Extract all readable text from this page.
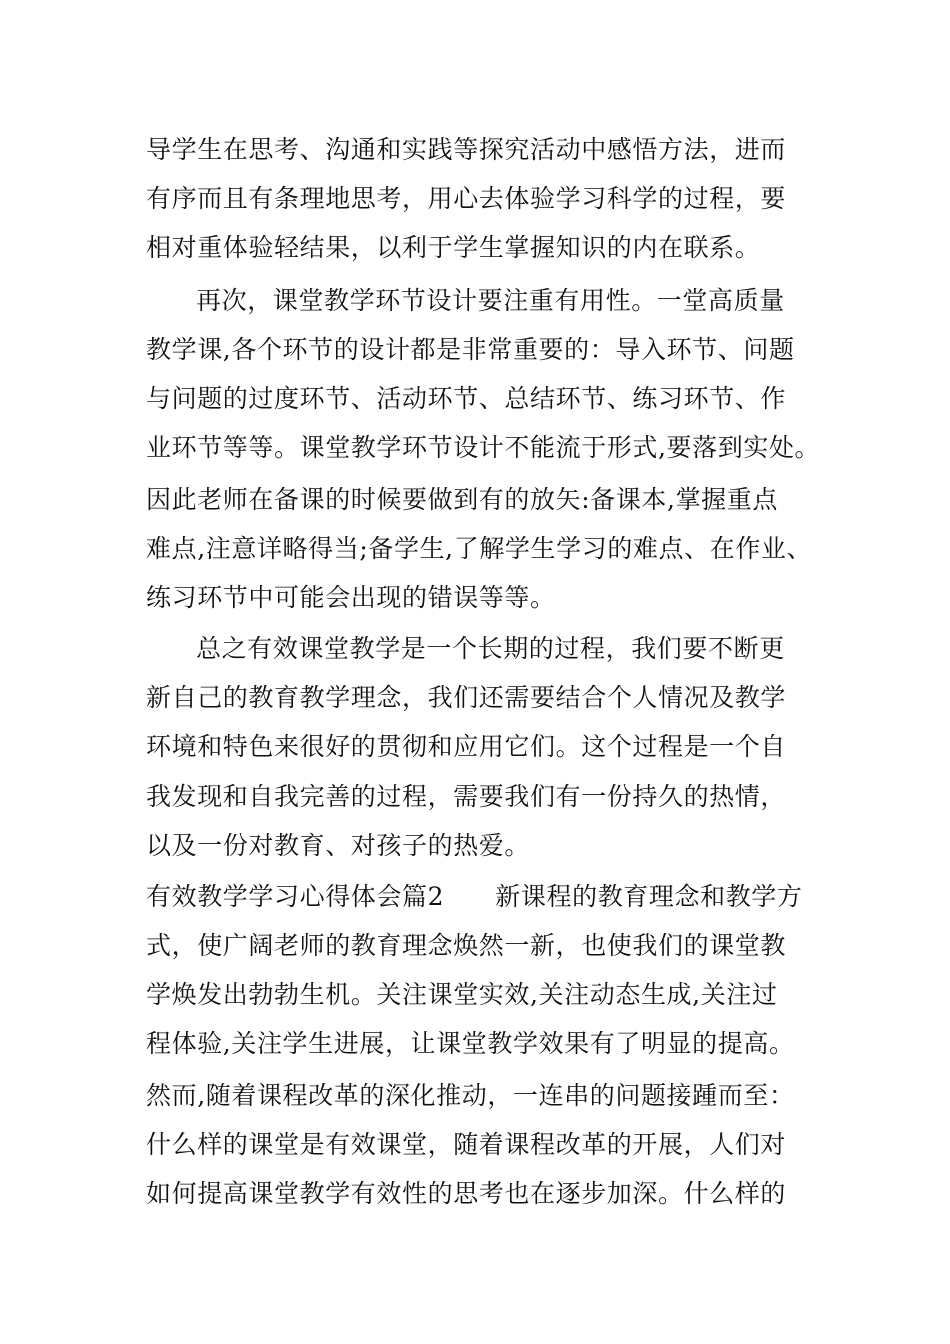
导学生在思考、沟通和实践等探究活动中感悟方法，进而
有序而且有条理地思考，用心去体验学习科学的过程，要
相对重体验轻结果，以利于学生掌握知识的内在联系。
再次，课堂教学环节设计要注重有用性。一堂高质量
教学课,各个环节的设计都是非常重要的：导入环节、问题
与问题的过度环节、活动环节、总结环节、练习环节、作
业环节等等。课堂教学环节设计不能流于形式,要落到实处。
因此老师在备课的时候要做到有的放矢:备课本,掌握重点
难点,注意详略得当;备学生,了解学生学习的难点、在作业、
练习环节中可能会出现的错误等等。
总之有效课堂教学是一个长期的过程，我们要不断更
新自己的教育教学理念，我们还需要结合个人情况及教学
环境和特色来很好的贯彻和应用它们。这个过程是一个自
我发现和自我完善的过程，需要我们有一份持久的热情，
以及一份对教育、对孩子的热爱。
有效教学学习心得体会篇2　　新课程的教育理念和教学方
式，使广阔老师的教育理念焕然一新，也使我们的课堂教
学焕发出勃勃生机。关注课堂实效,关注动态生成,关注过
程体验,关注学生进展，让课堂教学效果有了明显的提高。
然而,随着课程改革的深化推动，一连串的问题接踵而至：
什么样的课堂是有效课堂，随着课程改革的开展，人们对
如何提高课堂教学有效性的思考也在逐步加深。什么样的
